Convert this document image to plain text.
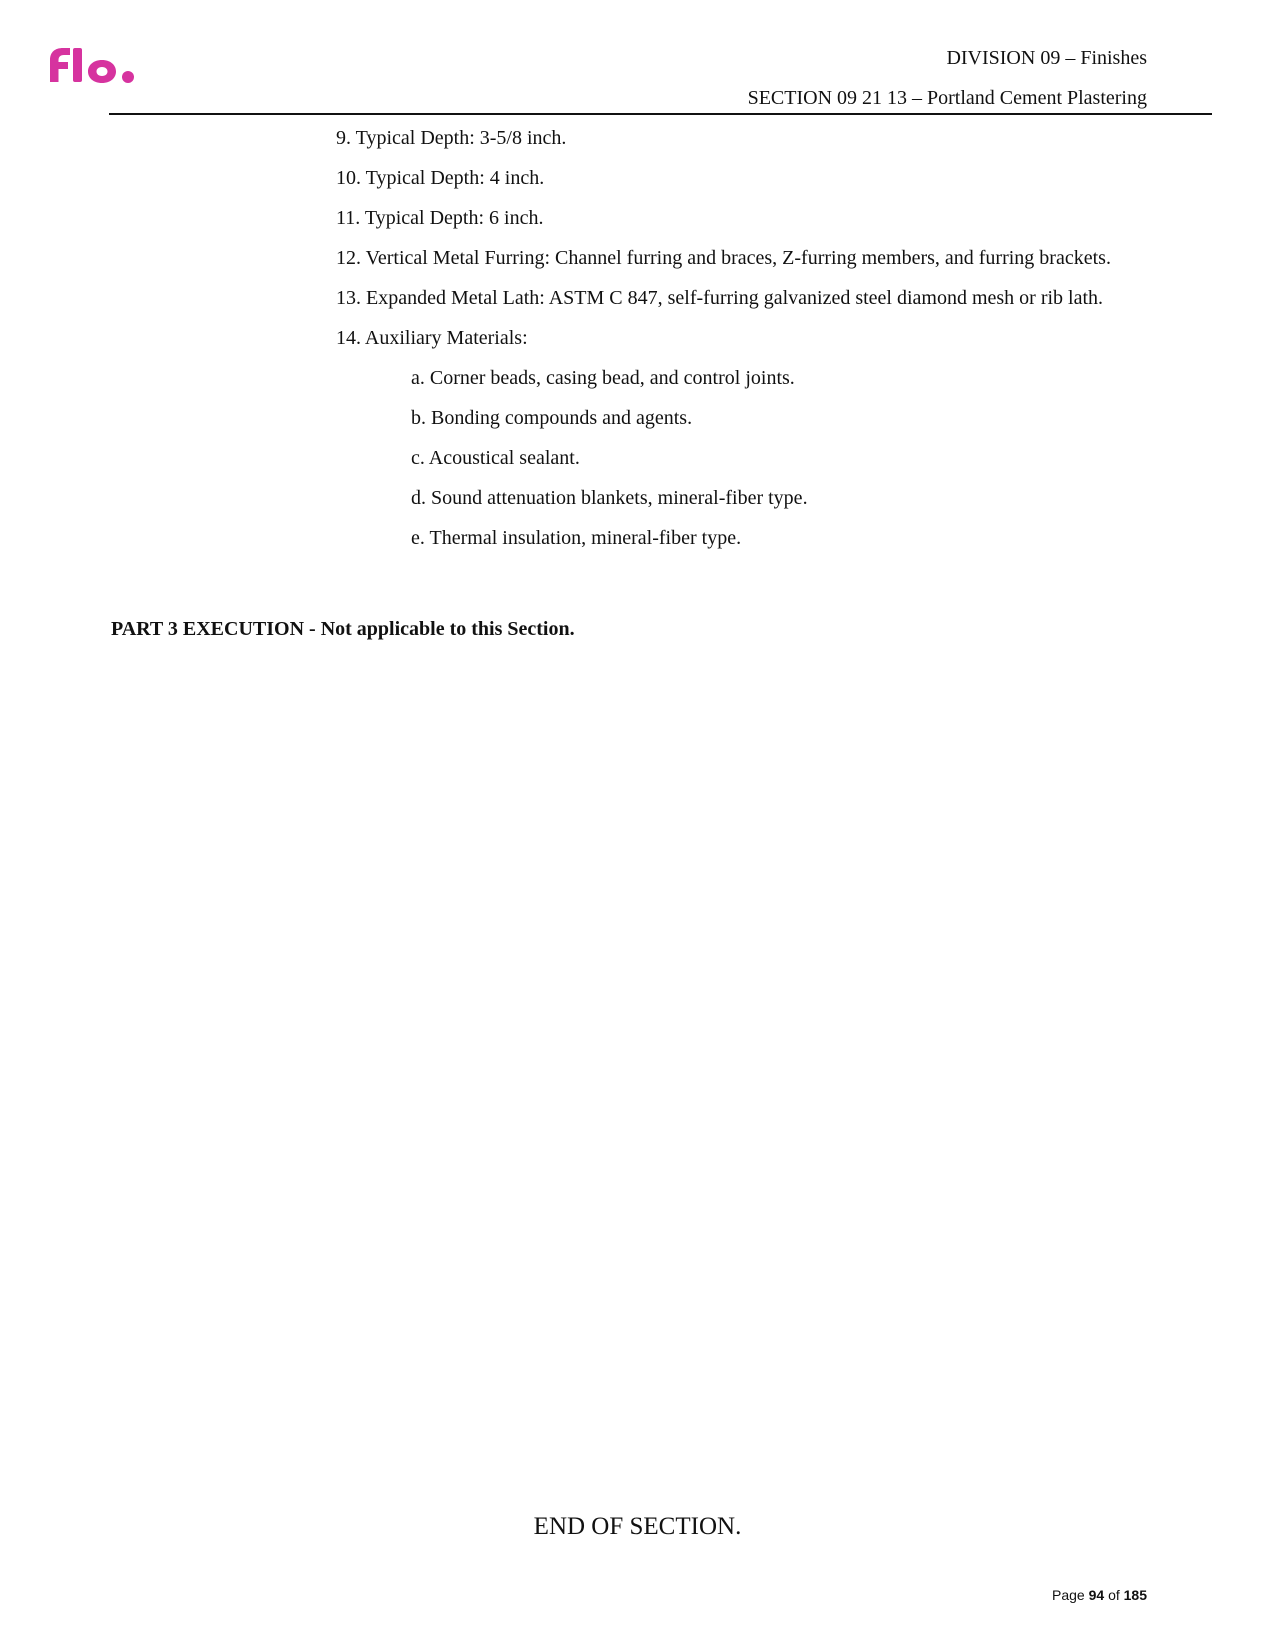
DIVISION 09 – Finishes
SECTION 09 21 13 – Portland Cement Plastering
9. Typical Depth: 3-5/8 inch.
10. Typical Depth: 4 inch.
11. Typical Depth: 6 inch.
12. Vertical Metal Furring: Channel furring and braces, Z-furring members, and furring brackets.
13. Expanded Metal Lath: ASTM C 847, self-furring galvanized steel diamond mesh or rib lath.
14. Auxiliary Materials:
a. Corner beads, casing bead, and control joints.
b. Bonding compounds and agents.
c. Acoustical sealant.
d. Sound attenuation blankets, mineral-fiber type.
e. Thermal insulation, mineral-fiber type.
PART 3 EXECUTION - Not applicable to this Section.
END OF SECTION.
Page 94 of 185
